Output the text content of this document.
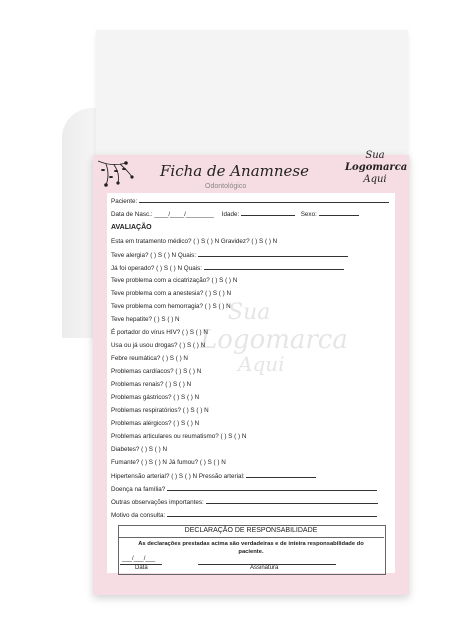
Ficha de Anamnese
Odontológico
Sua
Logomarca
Aqui
Sua
Logomarca
Aqui
Paciente:
Data de Nasc.: ____/____/________ Idade:	Sexo:
AVALIAÇÃO
Esta em tratamento médico? ( ) S ( ) N Gravidez? ( ) S ( ) N
Teve alergia? ( ) S ( ) N Quais:
Já foi operado? ( ) S ( ) N Quais:
Teve problema com a cicatrização? ( ) S ( ) N
Teve problema com a anestesia? ( ) S ( ) N
Teve problema com hemorragia? ( ) S ( ) N
Teve hepatite? ( ) S ( ) N
É portador do vírus HIV? ( ) S ( ) N
Usa ou já usou drogas? ( ) S ( ) N
Febre reumática? ( ) S ( ) N
Problemas cardíacos? ( ) S ( ) N
Problemas renais? ( ) S ( ) N
Problemas gástricos? ( ) S ( ) N
Problemas respiratórios? ( ) S ( ) N
Problemas alérgicos? ( ) S ( ) N
Problemas articulares ou reumatismo? ( ) S ( ) N
Diabetes? ( ) S ( ) N
Fumante? ( ) S ( ) N Já fumou? ( ) S ( ) N
Hipertensão arterial? ( ) S ( ) N Pressão arterial:
Doença na família?
Outras observações importantes:
Motivo da consulta:
DECLARAÇÃO DE RESPONSABILIDADE
As declarações prestadas acima são verdadeiras e de inteira responsabilidade do paciente.
___/___/___
Data	Assinatura
